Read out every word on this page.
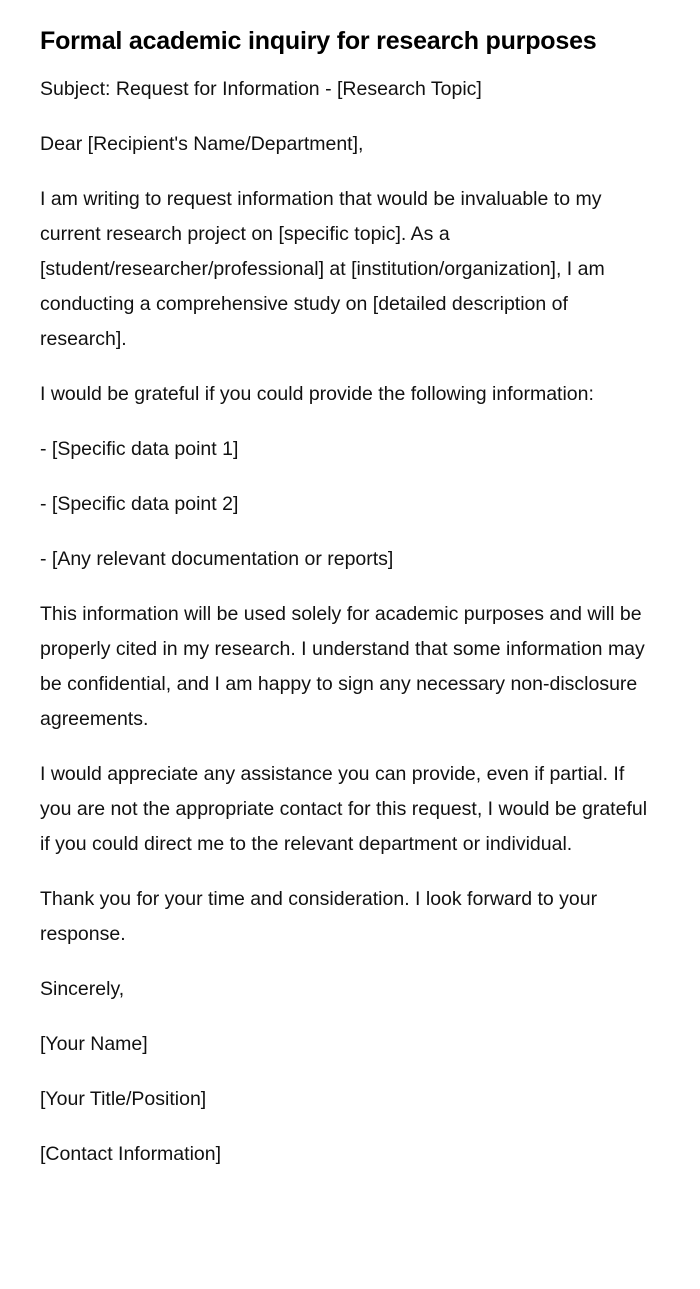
Formal academic inquiry for research purposes

Subject: Request for Information - [Research Topic]

Dear [Recipient's Name/Department],

I am writing to request information that would be invaluable to my current research project on [specific topic]. As a [student/researcher/professional] at [institution/organization], I am conducting a comprehensive study on [detailed description of research].

I would be grateful if you could provide the following information:

- [Specific data point 1]

- [Specific data point 2]

- [Any relevant documentation or reports]

This information will be used solely for academic purposes and will be properly cited in my research. I understand that some information may be confidential, and I am happy to sign any necessary non-disclosure agreements.

I would appreciate any assistance you can provide, even if partial. If you are not the appropriate contact for this request, I would be grateful if you could direct me to the relevant department or individual.

Thank you for your time and consideration. I look forward to your response.

Sincerely,

[Your Name]

[Your Title/Position]

[Contact Information]
